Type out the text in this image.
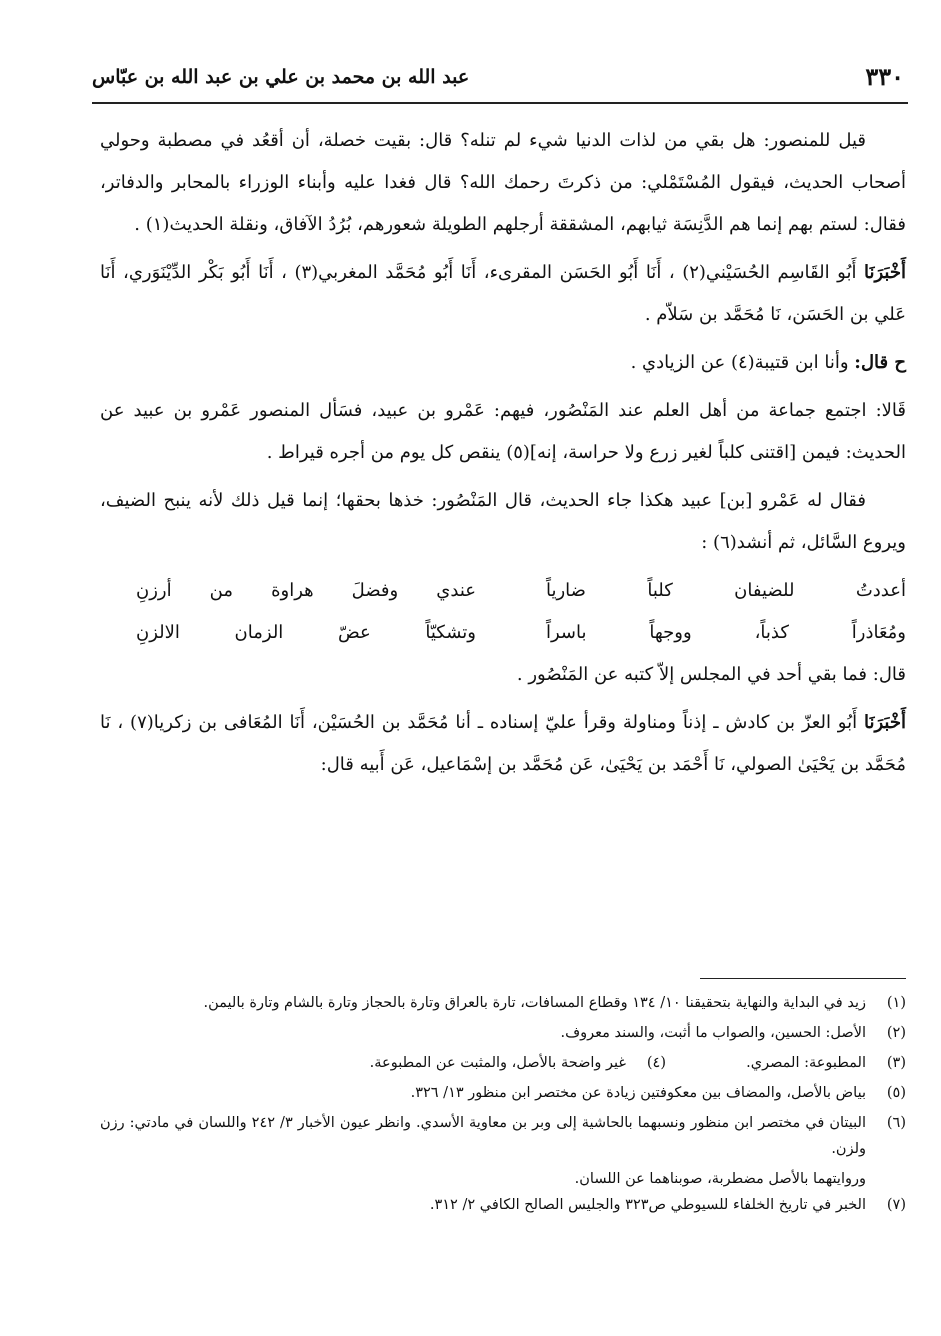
٣٣٠
عبد الله بن محمد بن علي بن عبد الله بن عبّاس

قيل للمنصور: هل بقي من لذات الدنيا شيء لم تنله؟ قال: بقيت خصلة، أن أقعُد في مصطبة وحولي أصحاب الحديث، فيقول المُسْتَمْلي: من ذكرتَ رحمك الله؟ قال فغدا عليه وأبناء الوزراء بالمحابر والدفاتر، فقال: لستم بهم إنما هم الدَّنِسَة ثيابهم، المشققة أرجلهم الطويلة شعورهم، بُرُدُ الآفاق، ونقلة الحديث(١) .

أَخْبَرَنَا أَبُو القَاسِم الحُسَيْني(٢) ، أَنَا أَبُو الحَسَن المقرىء، أَنَا أَبُو مُحَمَّد المغربي(٣) ، أَنَا أَبُو بَكْر الدِّيْنَوَري، أَنَا عَلي بن الحَسَن، نَا مُحَمَّد بن سَلاّم .

ح قال: وأنا ابن قتيبة(٤) عن الزيادي .

قَالا: اجتمع جماعة من أهل العلم عند المَنْصُور، فيهم: عَمْرو بن عبيد، فسَأل المنصور عَمْرو بن عبيد عن الحديث: فيمن [اقتنى كلباً لغير زرع ولا حراسة، إنه](٥) ينقص كل يوم من أجره قيراط .

فقال له عَمْرو [بن] عبيد هكذا جاء الحديث، قال المَنْصُور: خذها بحقها؛ إنما قيل ذلك لأنه ينبح الضيف، ويروع السَّائل، ثم أنشد(٦) :

أعددتُ للضيفان كلباً ضارياً
عندي وفضلَ هراوة من أرزنِ
ومُعَاذراً كذباً، ووجهاً باسراً
وتشكيّاً عضّ الزمان الالزنِ

قال: فما بقي أحد في المجلس إلاّ كتبه عن المَنْصُور .

أَخْبَرَنَا أَبُو العزّ بن كادش ـ إذناً ومناولة وقرأ عليّ إسناده ـ أنا مُحَمَّد بن الحُسَيْن، أَنَا المُعَافى بن زكريا(٧) ، نَا مُحَمَّد بن يَحْيَىٰ الصولي، نَا أَحْمَد بن يَحْيَىٰ، عَن مُحَمَّد بن إسْمَاعيل، عَن أَبيه قال:

(١)
زيد في البداية والنهاية بتحقيقنا ١٠/ ١٣٤ وقطاع المسافات، تارة بالعراق وتارة بالحجاز وتارة بالشام وتارة باليمن.
(٢)
الأصل: الحسين، والصواب ما أثبت، والسند معروف.
(٣)
المطبوعة: المصري.
(٤)
غير واضحة بالأصل، والمثبت عن المطبوعة.
(٥)
بياض بالأصل، والمضاف بين معكوفتين زيادة عن مختصر ابن منظور ١٣/ ٣٢٦.
(٦)
البيتان في مختصر ابن منظور ونسبهما بالحاشية إلى وبر بن معاوية الأسدي. وانظر عيون الأخبار ٣/ ٢٤٢ واللسان في مادتي: رزن ولزن.
وروايتهما بالأصل مضطربة، صوبناهما عن اللسان.
(٧)
الخبر في تاريخ الخلفاء للسيوطي ص٣٢٣ والجليس الصالح الكافي ٢/ ٣١٢.
